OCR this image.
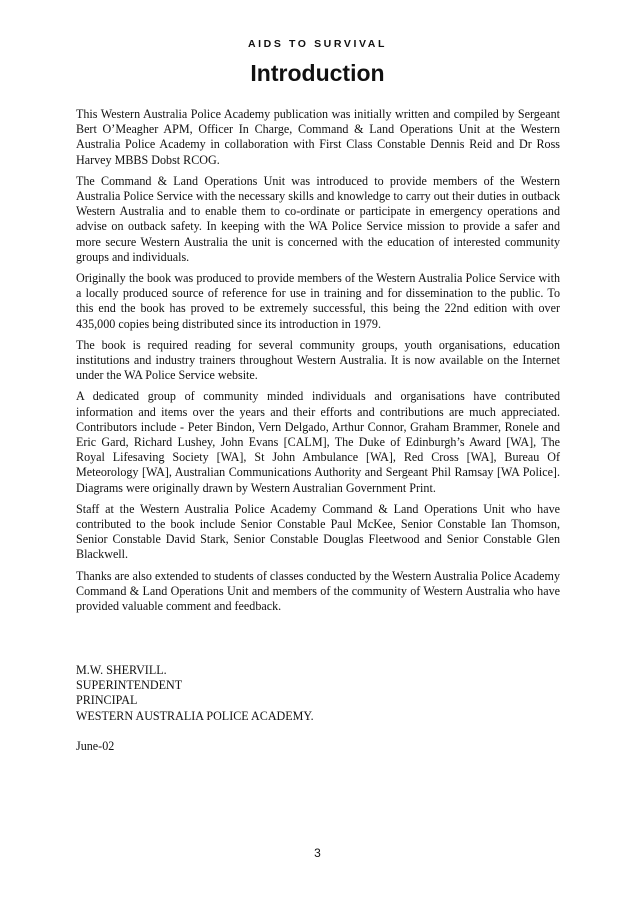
AIDS TO SURVIVAL
Introduction

This Western Australia Police Academy publication was initially written and compiled by Sergeant Bert O’Meagher APM, Officer In Charge, Command & Land Operations Unit at the Western Australia Police Academy in collaboration with First Class Constable Dennis Reid and Dr Ross Harvey MBBS Dobst RCOG.

The Command & Land Operations Unit was introduced to provide members of the Western Australia Police Service with the necessary skills and knowledge to carry out their duties in outback Western Australia and to enable them to co-ordinate or participate in emergency operations and advise on outback safety. In keeping with the WA Police Service mission to provide a safer and more secure Western Australia the unit is concerned with the education of interested community groups and individuals.

Originally the book was produced to provide members of the Western Australia Police Service with a locally produced source of reference for use in training and for dissemination to the public. To this end the book has proved to be extremely successful, this being the 22nd edition with over 435,000 copies being distributed since its introduction in 1979.

The book is required reading for several community groups, youth organisations, education institutions and industry trainers throughout Western Australia. It is now available on the Internet under the WA Police Service website.

A dedicated group of community minded individuals and organisations have contributed information and items over the years and their efforts and contributions are much appreciated. Contributors include - Peter Bindon, Vern Delgado, Arthur Connor, Graham Brammer, Ronele and Eric Gard, Richard Lushey, John Evans [CALM], The Duke of Edinburgh’s Award [WA], The Royal Lifesaving Society [WA], St John Ambulance [WA], Red Cross [WA], Bureau Of Meteorology [WA], Australian Communications Authority and Sergeant Phil Ramsay [WA Police]. Diagrams were originally drawn by Western Australian Government Print.

Staff at the Western Australia Police Academy Command & Land Operations Unit who have contributed to the book include Senior Constable Paul McKee, Senior Constable Ian Thomson, Senior Constable David Stark, Senior Constable Douglas Fleetwood and Senior Constable Glen Blackwell.

Thanks are also extended to students of classes conducted by the Western Australia Police Academy Command & Land Operations Unit and members of the community of Western Australia who have provided valuable comment and feedback.

M.W. SHERVILL.
SUPERINTENDENT
PRINCIPAL
WESTERN AUSTRALIA POLICE ACADEMY.
June-02
3
